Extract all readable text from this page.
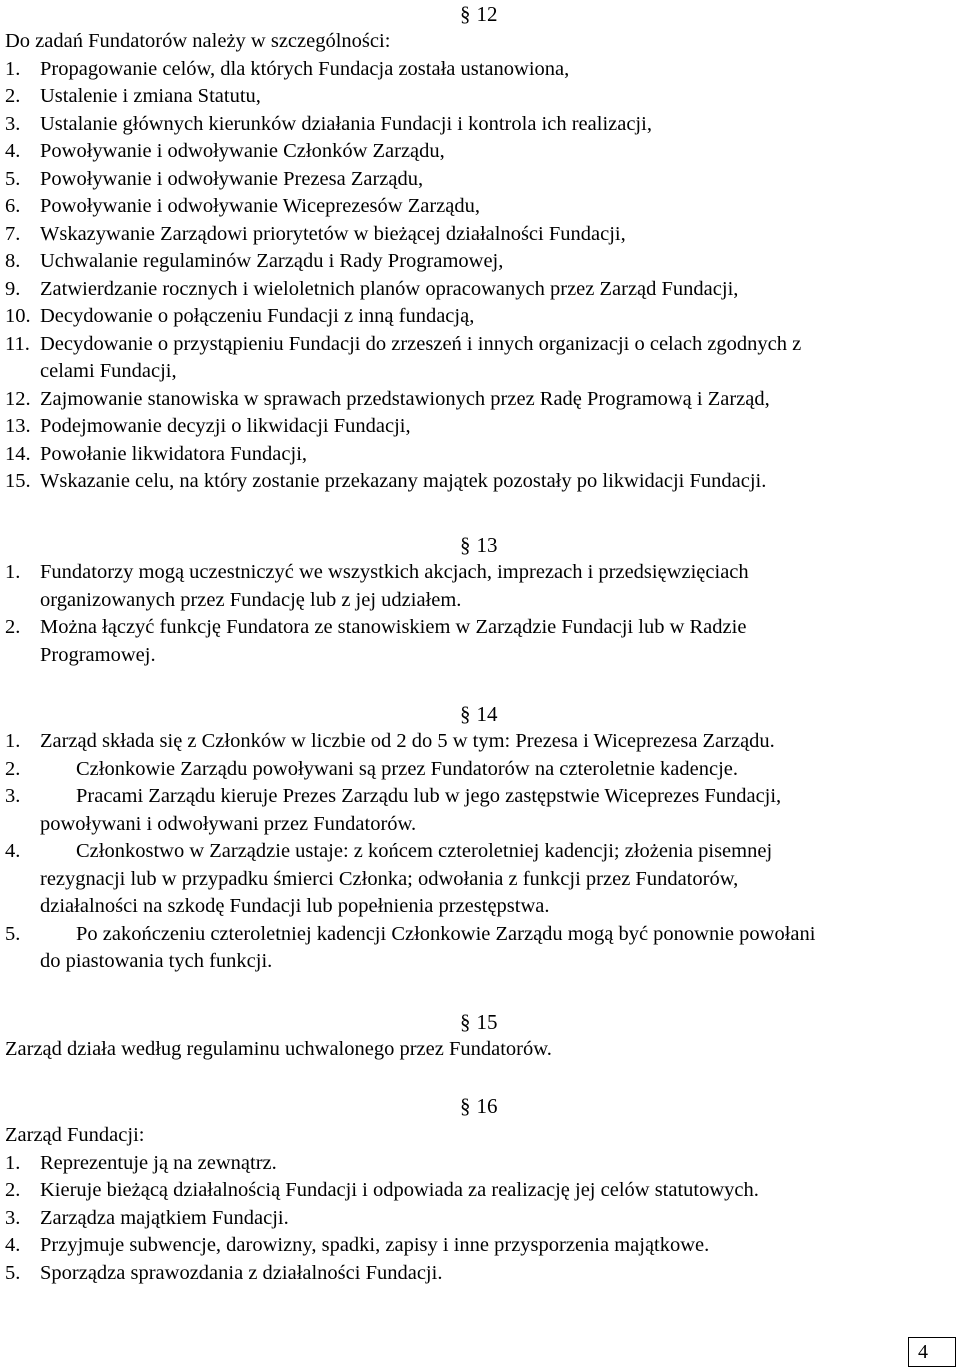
§ 12
Do zadań Fundatorów należy w szczególności:
1. Propagowanie celów, dla których Fundacja została ustanowiona,
2. Ustalenie i zmiana Statutu,
3. Ustalanie głównych kierunków działania Fundacji i kontrola ich realizacji,
4. Powoływanie i odwoływanie Członków Zarządu,
5. Powoływanie i odwoływanie Prezesa Zarządu,
6. Powoływanie i odwoływanie Wiceprezesów Zarządu,
7. Wskazywanie Zarządowi priorytetów w bieżącej działalności Fundacji,
8. Uchwalanie regulaminów Zarządu i Rady Programowej,
9. Zatwierdzanie rocznych i wieloletnich planów opracowanych przez Zarząd Fundacji,
10. Decydowanie o połączeniu Fundacji z inną fundacją,
11. Decydowanie o przystąpieniu Fundacji do zrzeszeń i innych organizacji o celach zgodnych z
celami Fundacji,
12. Zajmowanie stanowiska w sprawach przedstawionych przez Radę Programową i Zarząd,
13. Podejmowanie decyzji o likwidacji Fundacji,
14. Powołanie likwidatora Fundacji,
15. Wskazanie celu, na który zostanie przekazany majątek pozostały po likwidacji Fundacji.
§ 13
1. Fundatorzy mogą uczestniczyć we wszystkich akcjach, imprezach i przedsięwzięciach
organizowanych przez Fundację lub z jej udziałem.
2. Można łączyć funkcję Fundatora ze stanowiskiem w Zarządzie Fundacji lub w Radzie
Programowej.
§ 14
1. Zarząd składa się z Członków w liczbie od 2 do 5 w tym: Prezesa i Wiceprezesa Zarządu.
2.	Członkowie Zarządu powoływani są przez Fundatorów na czteroletnie kadencje.
3.	Pracami Zarządu kieruje Prezes Zarządu lub w jego zastępstwie Wiceprezes Fundacji,
powoływani i odwoływani przez Fundatorów.
4.	Członkostwo w Zarządzie ustaje: z końcem czteroletniej kadencji; złożenia pisemnej
rezygnacji lub w przypadku śmierci Członka; odwołania z funkcji przez Fundatorów,
działalności na szkodę Fundacji lub popełnienia przestępstwa.
5.	Po zakończeniu czteroletniej kadencji Członkowie Zarządu mogą być ponownie powołani
do piastowania tych funkcji.
§ 15
Zarząd działa według regulaminu uchwalonego przez Fundatorów.
§ 16
Zarząd Fundacji:
1. Reprezentuje ją na zewnątrz.
2. Kieruje bieżącą działalnością Fundacji i odpowiada za realizację jej celów statutowych.
3. Zarządza majątkiem Fundacji.
4. Przyjmuje subwencje, darowizny, spadki, zapisy i inne przysporzenia majątkowe.
5. Sporządza sprawozdania z działalności Fundacji.
4
